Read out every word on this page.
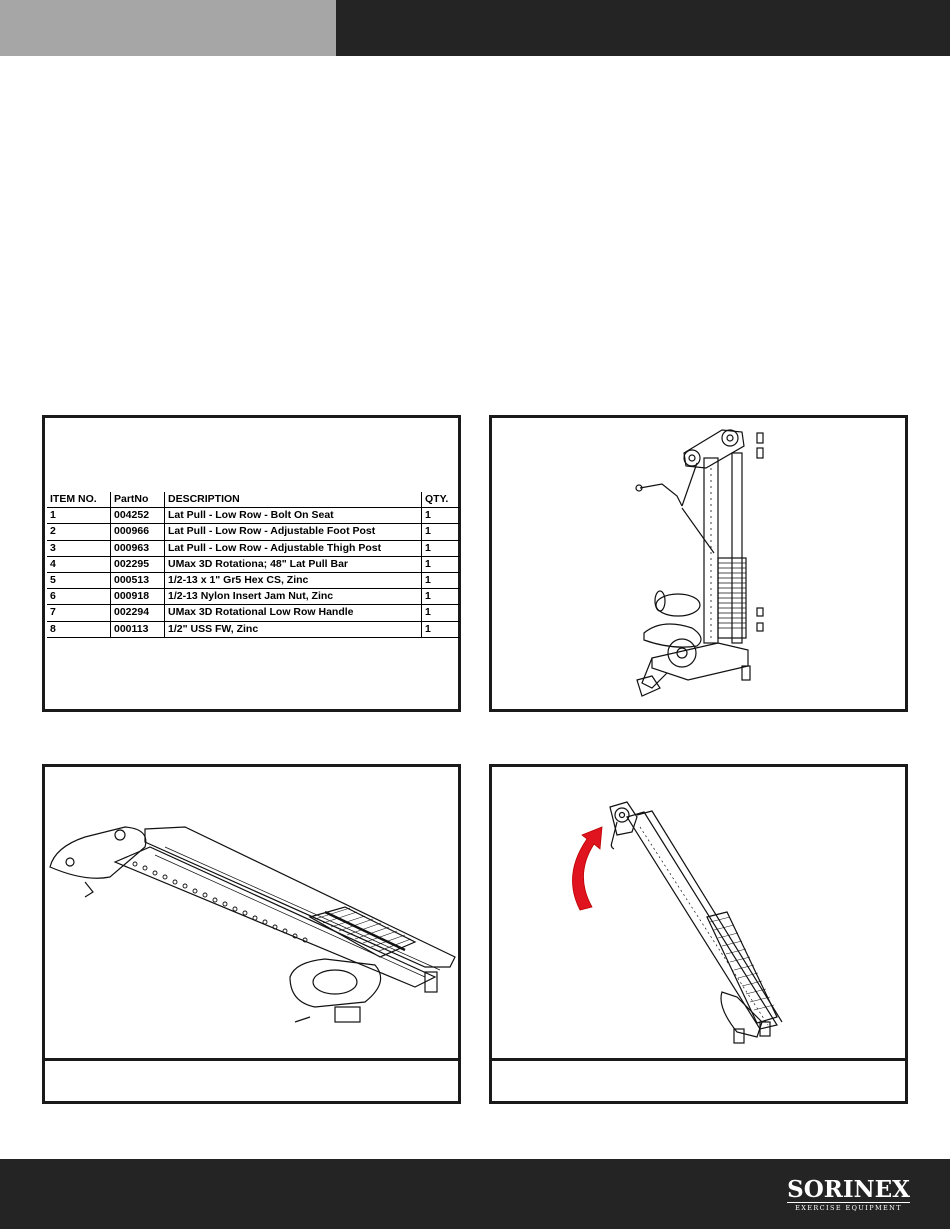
ITEM NO.	PartNo	DESCRIPTION	QTY.
1	004252	Lat Pull - Low Row - Bolt On Seat	1
2	000966	Lat Pull - Low Row - Adjustable Foot Post	1
3	000963	Lat Pull - Low Row - Adjustable Thigh Post	1
4	002295	UMax 3D Rotationa; 48" Lat Pull Bar	1
5	000513	1/2-13 x 1" Gr5 Hex CS, Zinc	1
6	000918	1/2-13 Nylon Insert Jam Nut, Zinc	1
7	002294	UMax 3D Rotational Low Row Handle	1
8	000113	1/2" USS FW, Zinc	1
SORINEX
EXERCISE EQUIPMENT
